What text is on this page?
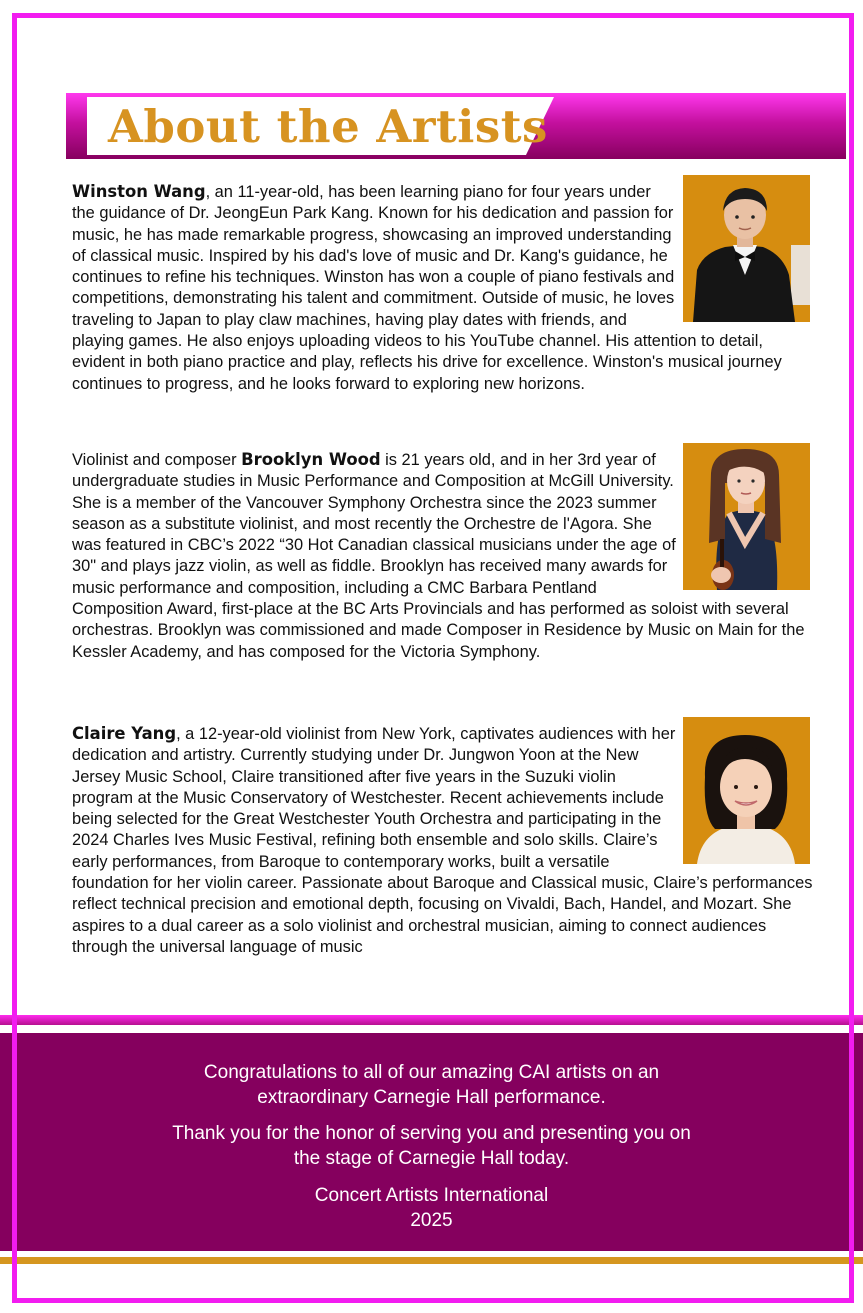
About the Artists

Winston Wang, an 11-year-old, has been learning piano for four years under the guidance of Dr. JeongEun Park Kang. Known for his dedication and passion for music, he has made remarkable progress, showcasing an improved understanding of classical music. Inspired by his dad's love of music and Dr. Kang's guidance, he continues to refine his techniques. Winston has won a couple of piano festivals and competitions, demonstrating his talent and commitment. Outside of music, he loves traveling to Japan to play claw machines, having play dates with friends, and playing games. He also enjoys uploading videos to his YouTube channel. His attention to detail, evident in both piano practice and play, reflects his drive for excellence. Winston's musical journey continues to progress, and he looks forward to exploring new horizons.

Violinist and composer Brooklyn Wood is 21 years old, and in her 3rd year of undergraduate studies in Music Performance and Composition at McGill University. She is a member of the Vancouver Symphony Orchestra since the 2023 summer season as a substitute violinist, and most recently the Orchestre de l'Agora. She was featured in CBC’s 2022 “30 Hot Canadian classical musicians under the age of 30" and plays jazz violin, as well as fiddle. Brooklyn has received many awards for music performance and composition, including a CMC Barbara Pentland Composition Award, first-place at the BC Arts Provincials and has performed as soloist with several orchestras. Brooklyn was commissioned and made Composer in Residence by Music on Main for the Kessler Academy, and has composed for the Victoria Symphony.

Claire Yang, a 12-year-old violinist from New York, captivates audiences with her dedication and artistry. Currently studying under Dr. Jungwon Yoon at the New Jersey Music School, Claire transitioned after five years in the Suzuki violin program at the Music Conservatory of Westchester. Recent achievements include being selected for the Great Westchester Youth Orchestra and participating in the 2024 Charles Ives Music Festival, refining both ensemble and solo skills. Claire’s early performances, from Baroque to contemporary works, built a versatile foundation for her violin career. Passionate about Baroque and Classical music, Claire’s performances reflect technical precision and emotional depth, focusing on Vivaldi, Bach, Handel, and Mozart. She aspires to a dual career as a solo violinist and orchestral musician, aiming to connect audiences through the universal language of music

Congratulations to all of our amazing CAI artists on an
extraordinary Carnegie Hall performance.

Thank you for the honor of serving you and presenting you on
the stage of Carnegie Hall today.

Concert Artists International
2025
